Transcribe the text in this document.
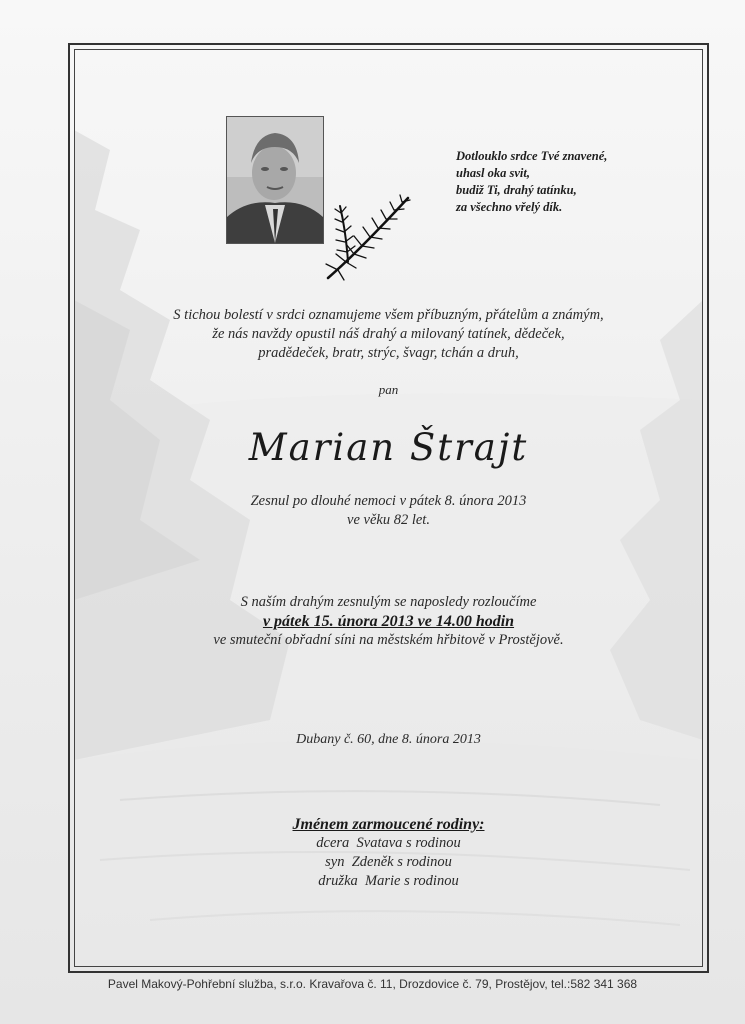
Dotlouklo srdce Tvé znavené,
uhasl oka svit,
budiž Ti, drahý tatínku,
za všechno vřelý dík.
S tichou bolestí v srdci oznamujeme všem příbuzným, přátelům a známým,
že nás navždy opustil náš drahý a milovaný tatínek, dědeček,
pradědeček, bratr, strýc, švagr, tchán a druh,
pan
Marian Štrajt
Zesnul po dlouhé nemoci v pátek 8. února 2013
ve věku 82 let.
S naším drahým zesnulým se naposledy rozloučíme
v pátek 15. února 2013 ve 14.00 hodin
ve smuteční obřadní síni na městském hřbitově v Prostějově.
Dubany č. 60, dne 8. února 2013
Jménem zarmoucené rodiny:
dcera  Svatava s rodinou
syn  Zdeněk s rodinou
družka  Marie s rodinou
Pavel Makový-Pohřební služba, s.r.o. Kravařova č. 11, Drozdovice č. 79, Prostějov, tel.:582 341 368
